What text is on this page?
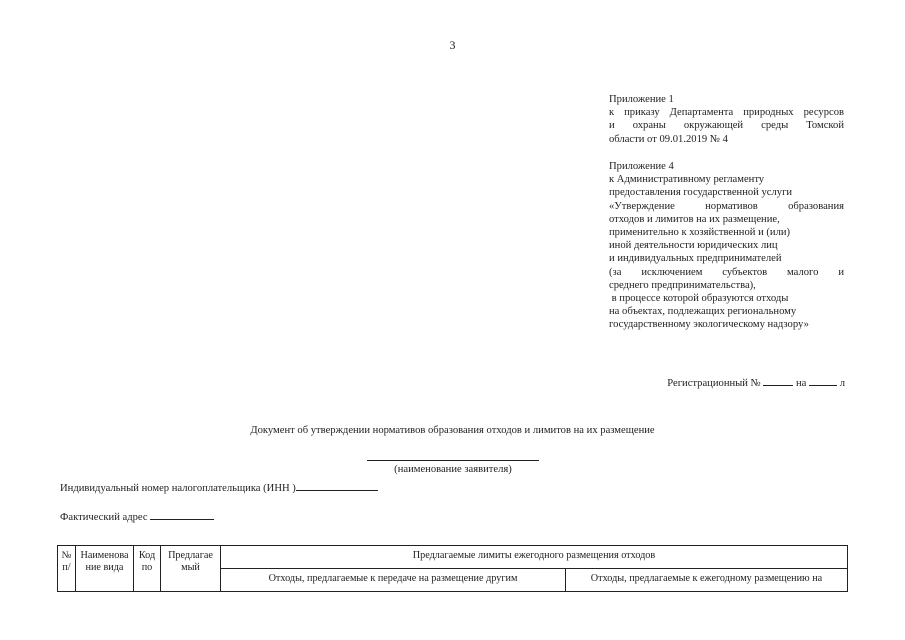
3

Приложение 1

к приказу Департамента природных ресурсов

и охраны окружающей среды Томской

области от 09.01.2019 № 4

Приложение 4

к Административному регламенту

предоставления государственной услуги

«Утверждение нормативов образования

отходов и лимитов на их размещение,

применительно к хозяйственной и (или)

иной деятельности юридических лиц

и индивидуальных предпринимателей

(за исключением субъектов малого и

среднего предпринимательства),

в процессе которой образуются отходы

на объектах, подлежащих региональному

государственному экологическому надзору»

Регистрационный №	на	л
Документ об утверждении нормативов образования отходов и лимитов на их размещение
(наименование заявителя)
Индивидуальный номер налогоплательщика (ИНН )
Фактический адрес
№ п/	Наименова ние вида	Код по	Предлагае мый	Предлагаемые лимиты ежегодного размещения отходов	
				Отходы, предлагаемые к передаче на размещение другим	Отходы, предлагаемые к ежегодному размещению на
